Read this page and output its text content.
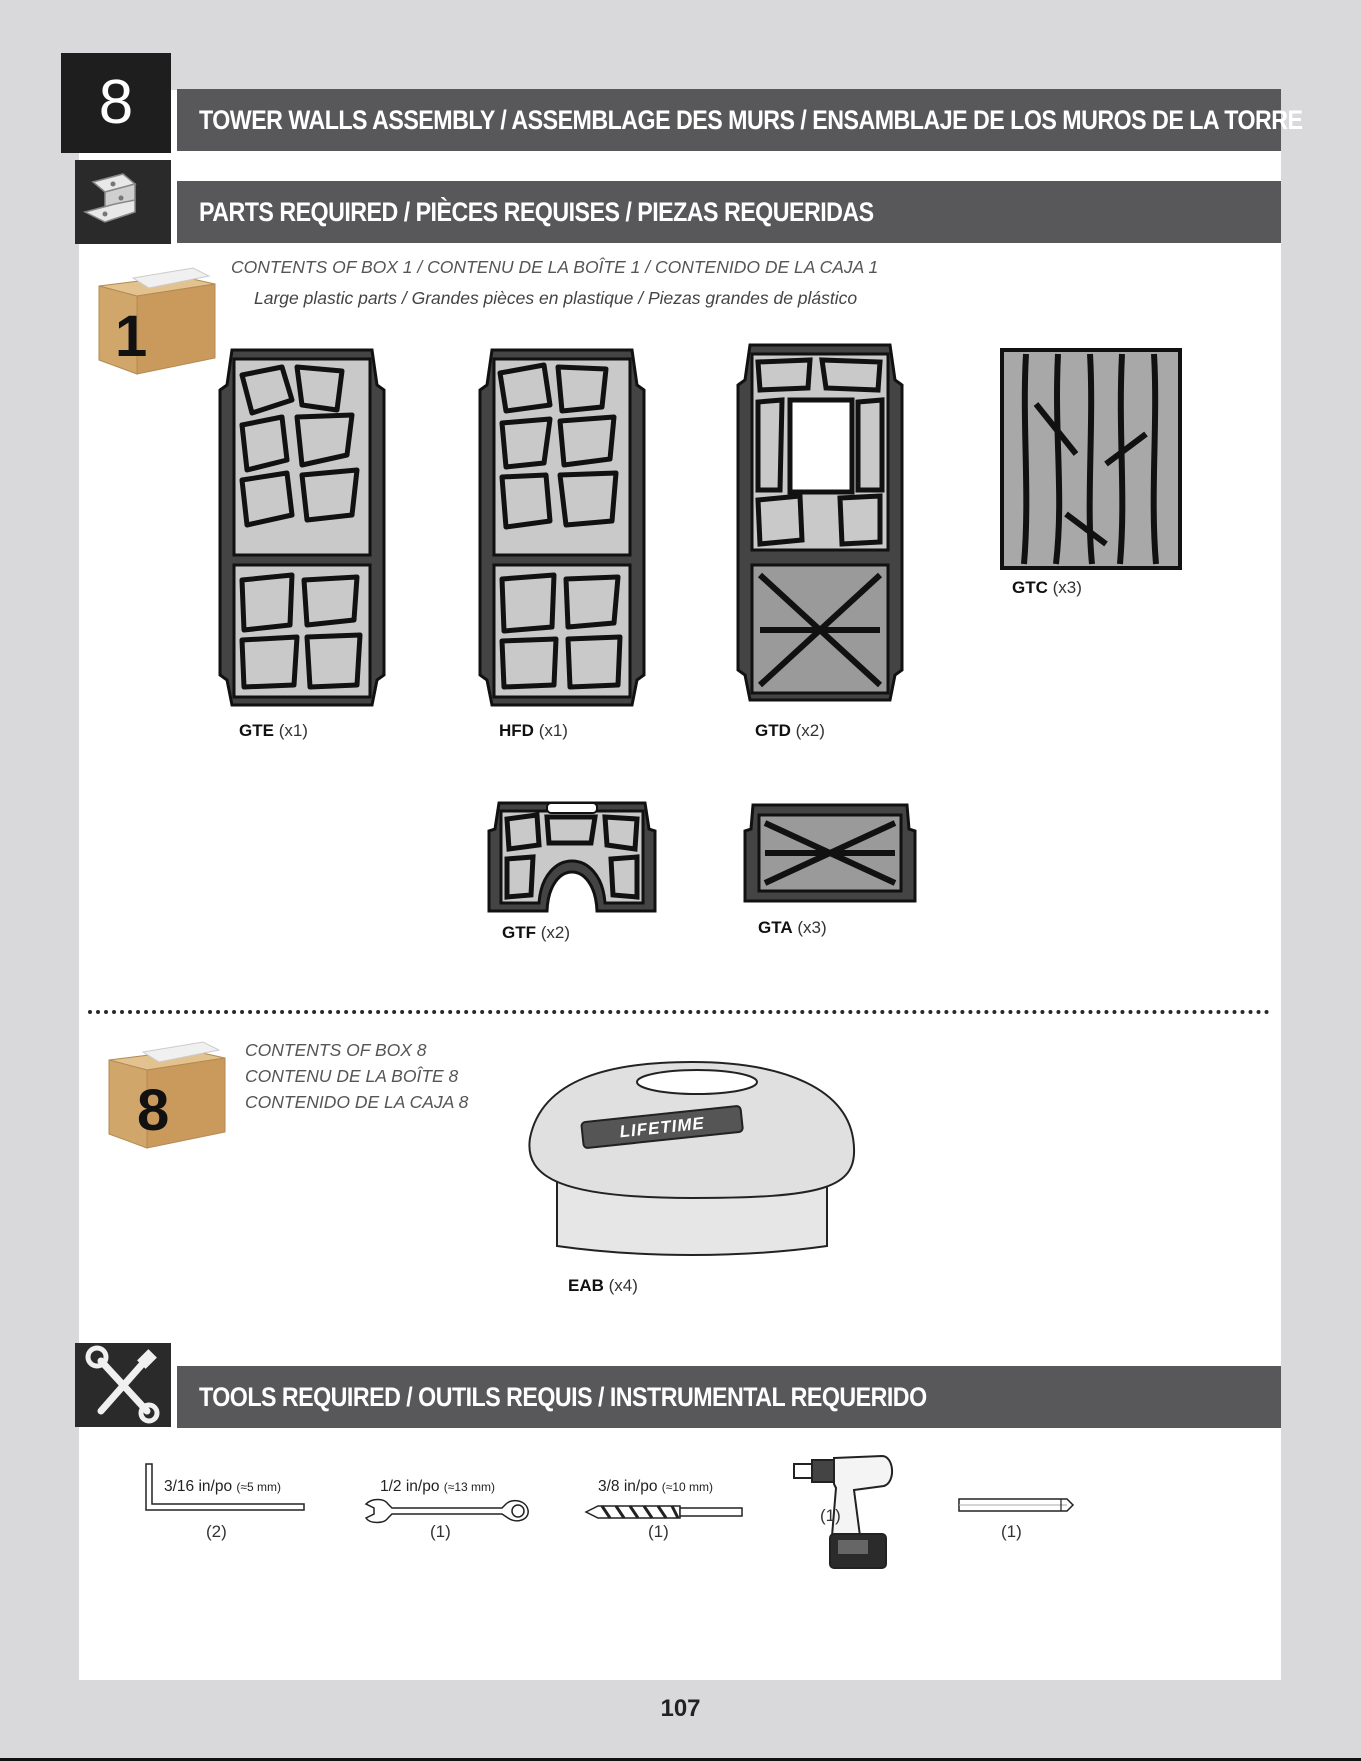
8	TOWER WALLS ASSEMBLY / ASSEMBLAGE DES MURS / ENSAMBLAJE DE LOS MUROS DE LA TORRE
PARTS REQUIRED / PIÈCES REQUISES / PIEZAS REQUERIDAS
1
CONTENTS OF BOX 1 / CONTENU DE LA BOÎTE 1 / CONTENIDO DE LA CAJA 1
Large plastic parts / Grandes pièces en plastique / Piezas grandes de plástico
GTE (x1)	HFD (x1)	GTD (x2)
GTC (x3)
GTF (x2)	GTA (x3)
8
CONTENTS OF BOX 8
CONTENU DE LA BOÎTE 8
CONTENIDO DE LA CAJA 8
LIFETIME
EAB (x4)
TOOLS REQUIRED / OUTILS REQUIS / INSTRUMENTAL REQUERIDO
3/16 in/po (≈5 mm)
(2)
1/2 in/po (≈13 mm)
(1)
3/8 in/po (≈10 mm)
(1)
(1)
(1)
107
